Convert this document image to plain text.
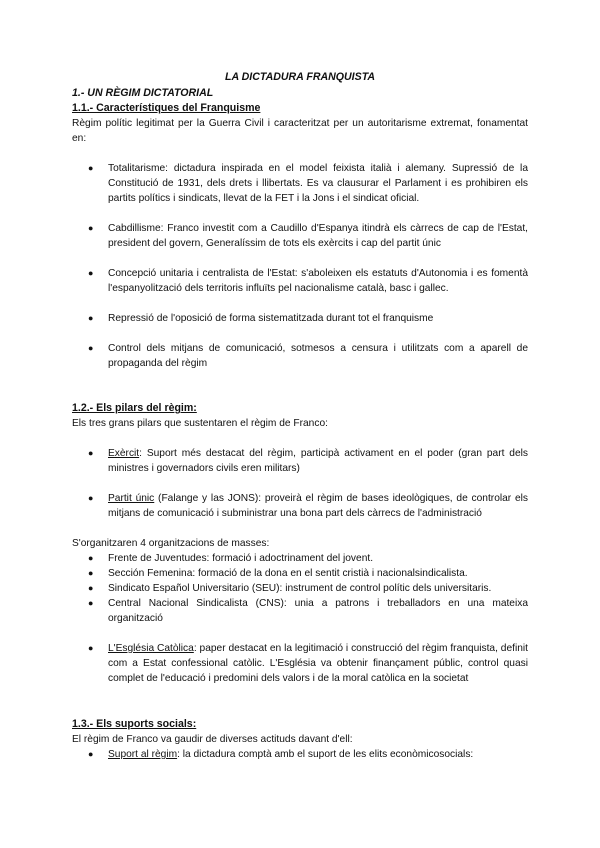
LA DICTADURA FRANQUISTA

1.- UN RÈGIM DICTATORIAL

1.1.- Característiques del Franquisme

Règim polític legitimat per la Guerra Civil i caracteritzat per un autoritarisme extremat, fonamentat en:

● Totalitarisme: dictadura inspirada en el model feixista italià i alemany. Supressió de la Constitució de 1931, dels drets i llibertats. Es va clausurar el Parlament i es prohibiren els partits polítics i sindicats, llevat de la FET i la Jons i el sindicat oficial.
● Cabdillisme: Franco investit com a Caudillo d'Espanya itindrà els càrrecs de cap de l'Estat, president del govern, Generalíssim de tots els exèrcits i cap del partit únic
● Concepció unitaria i centralista de l'Estat: s'aboleixen els estatuts d'Autonomia i es fomentà l'espanyolització dels territoris influïts pel nacionalisme català, basc i gallec.
● Repressió de l'oposició de forma sistematitzada durant tot el franquisme
● Control dels mitjans de comunicació, sotmesos a censura i utilitzats com a aparell de propaganda del règim

1.2.- Els pilars del règim:

Els tres grans pilars que sustentaren el règim de Franco:

● Exèrcit: Suport més destacat del règim, participà activament en el poder (gran part dels ministres i governadors civils eren militars)
● Partit únic (Falange y las JONS): proveirà el règim de bases ideològiques, de controlar els mitjans de comunicació i subministrar una bona part dels càrrecs de l'administració

S'organitzaren 4 organitzacions de masses:

● Frente de Juventudes: formació i adoctrinament del jovent.
● Sección Femenina: formació de la dona en el sentit cristià i nacionalsindicalista.
● Sindicato Español Universitario (SEU): instrument de control polític dels universitaris.
● Central Nacional Sindicalista (CNS): unia a patrons i treballadors en una mateixa organització
● L'Església Catòlica: paper destacat en la legitimació i construcció del règim franquista, definit com a Estat confessional catòlic. L'Església va obtenir finançament públic, control quasi complet de l'educació i predomini dels valors i de la moral catòlica en la societat

1.3.- Els suports socials:

El règim de Franco va gaudir de diverses actituds davant d'ell:

● Suport al règim: la dictadura comptà amb el suport de les elits econòmicosocials:
